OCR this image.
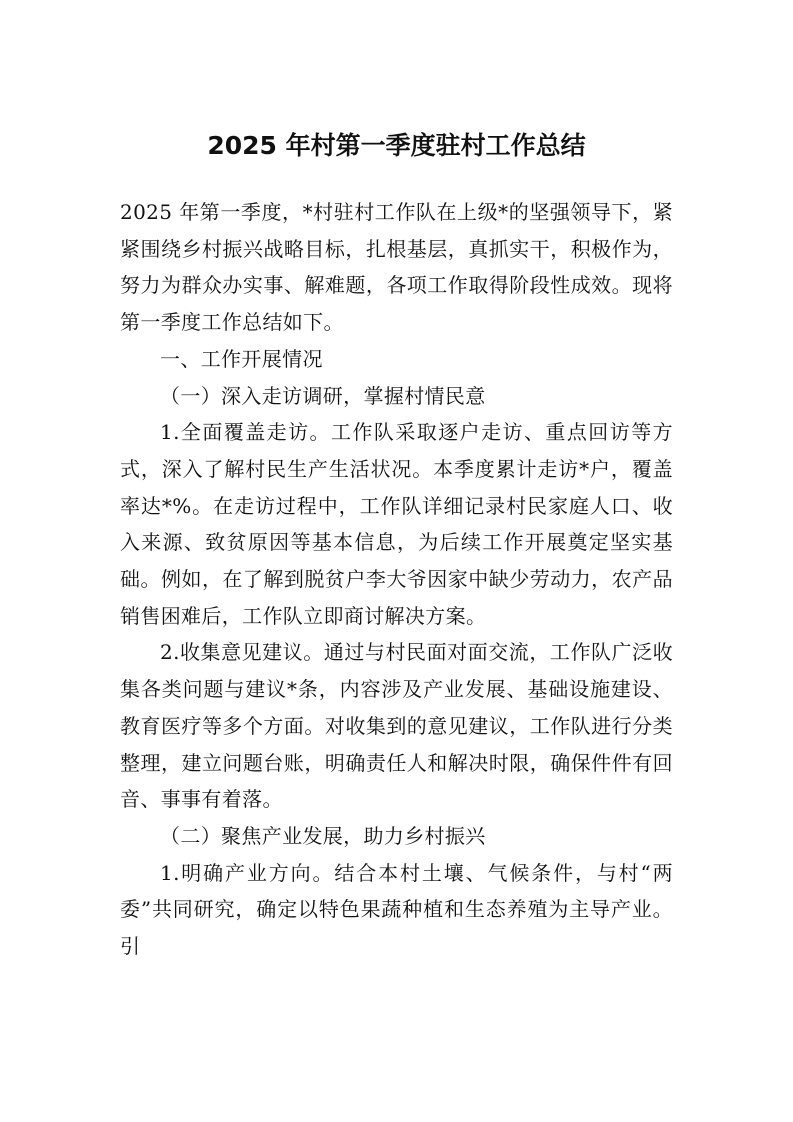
2025 年村第一季度驻村工作总结

2025 年第一季度，*村驻村工作队在上级*的坚强领导下，紧紧围绕乡村振兴战略目标，扎根基层，真抓实干，积极作为，努力为群众办实事、解难题，各项工作取得阶段性成效。现将第一季度工作总结如下。

一、工作开展情况

（一）深入走访调研，掌握村情民意

1.全面覆盖走访。工作队采取逐户走访、重点回访等方式，深入了解村民生产生活状况。本季度累计走访*户，覆盖率达*%。在走访过程中，工作队详细记录村民家庭人口、收入来源、致贫原因等基本信息，为后续工作开展奠定坚实基础。例如，在了解到脱贫户李大爷因家中缺少劳动力，农产品销售困难后，工作队立即商讨解决方案。

2.收集意见建议。通过与村民面对面交流，工作队广泛收集各类问题与建议*条，内容涉及产业发展、基础设施建设、教育医疗等多个方面。对收集到的意见建议，工作队进行分类整理，建立问题台账，明确责任人和解决时限，确保件件有回音、事事有着落。

（二）聚焦产业发展，助力乡村振兴

1.明确产业方向。结合本村土壤、气候条件，与村“两委”共同研究，确定以特色果蔬种植和生态养殖为主导产业。引
